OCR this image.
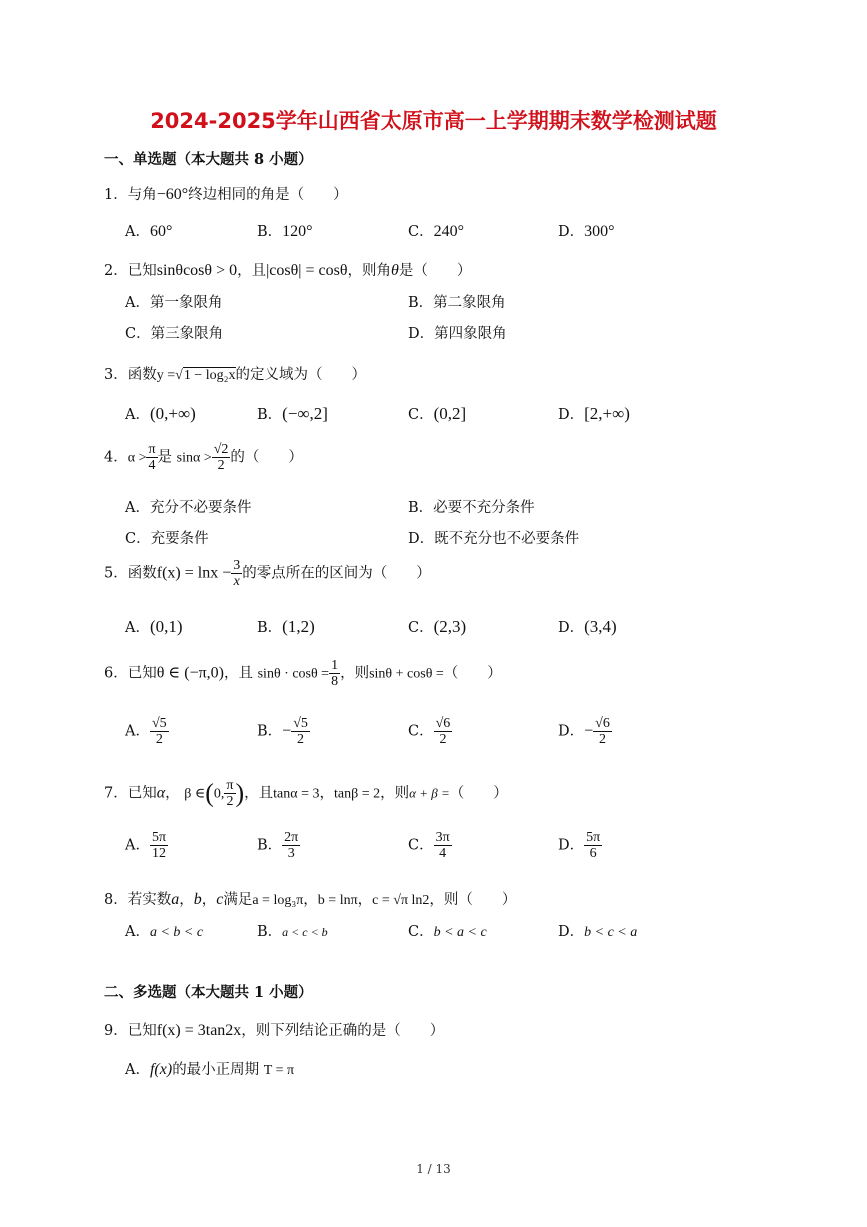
2024-2025学年山西省太原市高一上学期期末数学检测试题
一、单选题（本大题共 8 小题）
1．与角−60°终边相同的角是（　　）
A．60°	B．120°	C．240°	D．300°
2．已知sinθcosθ > 0，且|cosθ| = cosθ，则角θ是（　　）
A．第一象限角	B．第二象限角
C．第三象限角	D．第四象限角
3．函数y =√1 − log₂x的定义域为（　　）
A．(0,+∞)	B．(−∞,2]	C．(0,2]	D．[2,+∞)
4．$\alpha > \frac{\pi}{4}$ 是 $\sin\alpha > \frac{√2}{2}$ 的（　　）
A．充分不必要条件	B．必要不充分条件
C．充要条件	D．既不充分也不必要条件
5．函数$f(x) = \ln x - \frac{3}{x}$ 的零点所在的区间为（　　）
A．(0,1)	B．(1,2)	C．(2,3)	D．(3,4)
6．已知θ ∈ (−π,0)，且 $\sin\theta \cdot \cos\theta = \frac{1}{8}$ ，则sinθ + cosθ =（　　）
A． $\frac{√5}{2}$	B．− $\frac{√5}{2}$	C． $\frac{√6}{2}$	D．− $\frac{√6}{2}$
7．已知α， β ∈(0, $\frac{\pi}{2}$ )，且tanα = 3，tanβ = 2，则α + β =（　　）
A． $\frac{5\pi}{12}$	B． $\frac{2\pi}{3}$	C． $\frac{3\pi}{4}$	D． $\frac{5\pi}{6}$
8．若实数a，b，c满足a = log₃π，b = lnπ，c = √π ln2，则（　　）
A．a < b < c	B．a < c < b	C．b < a < c	D．b < c < a
二、多选题（本大题共 1 小题）
9．已知f(x) = 3tan2x，则下列结论正确的是（　　）
A．f(x)的最小正周期 T = π
1 / 13
